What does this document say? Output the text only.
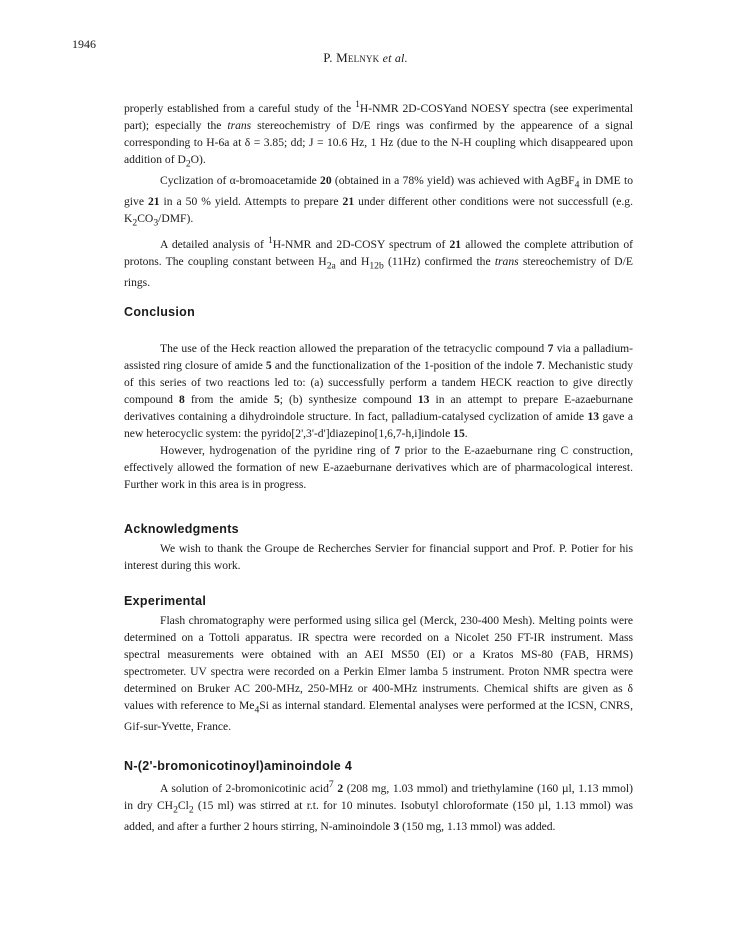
1946
P. Melnyk et al.

properly established from a careful study of the $^1$H-NMR 2D-COSYand NOESY spectra (see experimental part); especially the trans stereochemistry of D/E rings was confirmed by the appearence of a signal corresponding to H-6a at δ = 3.85; dd; J = 10.6 Hz, 1 Hz (due to the N-H coupling which disappeared upon addition of $D_2O$).

Cyclization of α-bromoacetamide 20 (obtained in a 78% yield) was achieved with AgBF$_4$ in DME to give 21 in a 50 % yield. Attempts to prepare 21 under different other conditions were not successfull (e.g. $K_2CO_3/DMF$).

A detailed analysis of $^1$H-NMR and 2D-COSY spectrum of 21 allowed the complete attribution of protons. The coupling constant between $H_{2a}$ and $H_{12b}$ (11Hz) confirmed the trans stereochemistry of D/E rings.

Conclusion

The use of the Heck reaction allowed the preparation of the tetracyclic compound 7 via a palladium-assisted ring closure of amide 5 and the functionalization of the 1-position of the indole 7. Mechanistic study of this series of two reactions led to: (a) successfully perform a tandem HECK reaction to give directly compound 8 from the amide 5; (b) synthesize compound 13 in an attempt to prepare E-azaeburnane derivatives containing a dihydroindole structure. In fact, palladium-catalysed cyclization of amide 13 gave a new heterocyclic system: the pyrido[2',3'-d']diazepino[1,6,7-h,i]indole 15.

However, hydrogenation of the pyridine ring of 7 prior to the E-azaeburnane ring C construction, effectively allowed the formation of new E-azaeburnane derivatives which are of pharmacological interest. Further work in this area is in progress.

Acknowledgments

We wish to thank the Groupe de Recherches Servier for financial support and Prof. P. Potier for his interest during this work.

Experimental

Flash chromatography were performed using silica gel (Merck, 230-400 Mesh). Melting points were determined on a Tottoli apparatus. IR spectra were recorded on a Nicolet 250 FT-IR instrument. Mass spectral measurements were obtained with an AEI MS50 (EI) or a Kratos MS-80 (FAB, HRMS) spectrometer. UV spectra were recorded on a Perkin Elmer lamba 5 instrument. Proton NMR spectra were determined on Bruker AC 200-MHz, 250-MHz or 400-MHz instruments. Chemical shifts are given as δ values with reference to $Me_4Si$ as internal standard. Elemental analyses were performed at the ICSN, CNRS, Gif-sur-Yvette, France.

N-(2'-bromonicotinoyl)aminoindole 4

A solution of 2-bromonicotinic acid$^7$ 2 (208 mg, 1.03 mmol) and triethylamine (160 µl, 1.13 mmol) in dry $CH_2Cl_2$ (15 ml) was stirred at r.t. for 10 minutes. Isobutyl chloroformate (150 µl, 1.13 mmol) was added, and after a further 2 hours stirring, N-aminoindole 3 (150 mg, 1.13 mmol) was added.
